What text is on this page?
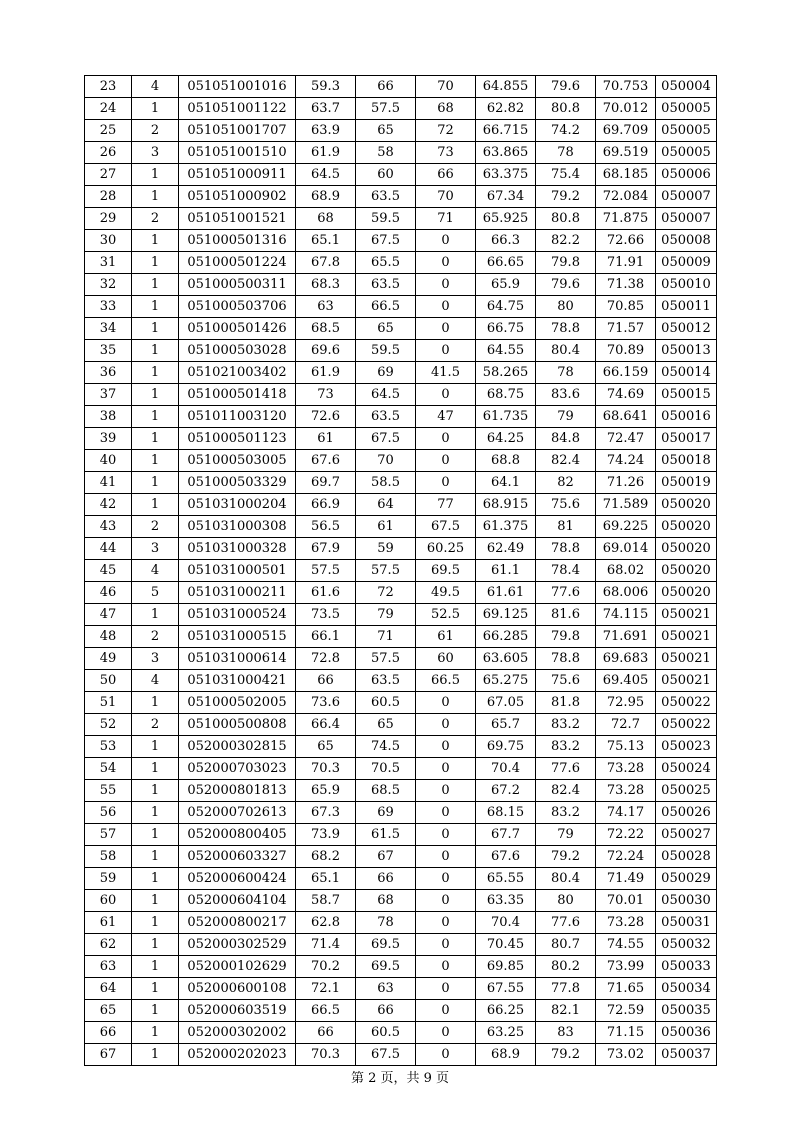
23	4	051051001016	59.3	66	70	64.855	79.6	70.753	050004
24	1	051051001122	63.7	57.5	68	62.82	80.8	70.012	050005
25	2	051051001707	63.9	65	72	66.715	74.2	69.709	050005
26	3	051051001510	61.9	58	73	63.865	78	69.519	050005
27	1	051051000911	64.5	60	66	63.375	75.4	68.185	050006
28	1	051051000902	68.9	63.5	70	67.34	79.2	72.084	050007
29	2	051051001521	68	59.5	71	65.925	80.8	71.875	050007
30	1	051000501316	65.1	67.5	0	66.3	82.2	72.66	050008
31	1	051000501224	67.8	65.5	0	66.65	79.8	71.91	050009
32	1	051000500311	68.3	63.5	0	65.9	79.6	71.38	050010
33	1	051000503706	63	66.5	0	64.75	80	70.85	050011
34	1	051000501426	68.5	65	0	66.75	78.8	71.57	050012
35	1	051000503028	69.6	59.5	0	64.55	80.4	70.89	050013
36	1	051021003402	61.9	69	41.5	58.265	78	66.159	050014
37	1	051000501418	73	64.5	0	68.75	83.6	74.69	050015
38	1	051011003120	72.6	63.5	47	61.735	79	68.641	050016
39	1	051000501123	61	67.5	0	64.25	84.8	72.47	050017
40	1	051000503005	67.6	70	0	68.8	82.4	74.24	050018
41	1	051000503329	69.7	58.5	0	64.1	82	71.26	050019
42	1	051031000204	66.9	64	77	68.915	75.6	71.589	050020
43	2	051031000308	56.5	61	67.5	61.375	81	69.225	050020
44	3	051031000328	67.9	59	60.25	62.49	78.8	69.014	050020
45	4	051031000501	57.5	57.5	69.5	61.1	78.4	68.02	050020
46	5	051031000211	61.6	72	49.5	61.61	77.6	68.006	050020
47	1	051031000524	73.5	79	52.5	69.125	81.6	74.115	050021
48	2	051031000515	66.1	71	61	66.285	79.8	71.691	050021
49	3	051031000614	72.8	57.5	60	63.605	78.8	69.683	050021
50	4	051031000421	66	63.5	66.5	65.275	75.6	69.405	050021
51	1	051000502005	73.6	60.5	0	67.05	81.8	72.95	050022
52	2	051000500808	66.4	65	0	65.7	83.2	72.7	050022
53	1	052000302815	65	74.5	0	69.75	83.2	75.13	050023
54	1	052000703023	70.3	70.5	0	70.4	77.6	73.28	050024
55	1	052000801813	65.9	68.5	0	67.2	82.4	73.28	050025
56	1	052000702613	67.3	69	0	68.15	83.2	74.17	050026
57	1	052000800405	73.9	61.5	0	67.7	79	72.22	050027
58	1	052000603327	68.2	67	0	67.6	79.2	72.24	050028
59	1	052000600424	65.1	66	0	65.55	80.4	71.49	050029
60	1	052000604104	58.7	68	0	63.35	80	70.01	050030
61	1	052000800217	62.8	78	0	70.4	77.6	73.28	050031
62	1	052000302529	71.4	69.5	0	70.45	80.7	74.55	050032
63	1	052000102629	70.2	69.5	0	69.85	80.2	73.99	050033
64	1	052000600108	72.1	63	0	67.55	77.8	71.65	050034
65	1	052000603519	66.5	66	0	66.25	82.1	72.59	050035
66	1	052000302002	66	60.5	0	63.25	83	71.15	050036
67	1	052000202023	70.3	67.5	0	68.9	79.2	73.02	050037
第 2 页，共 9 页
